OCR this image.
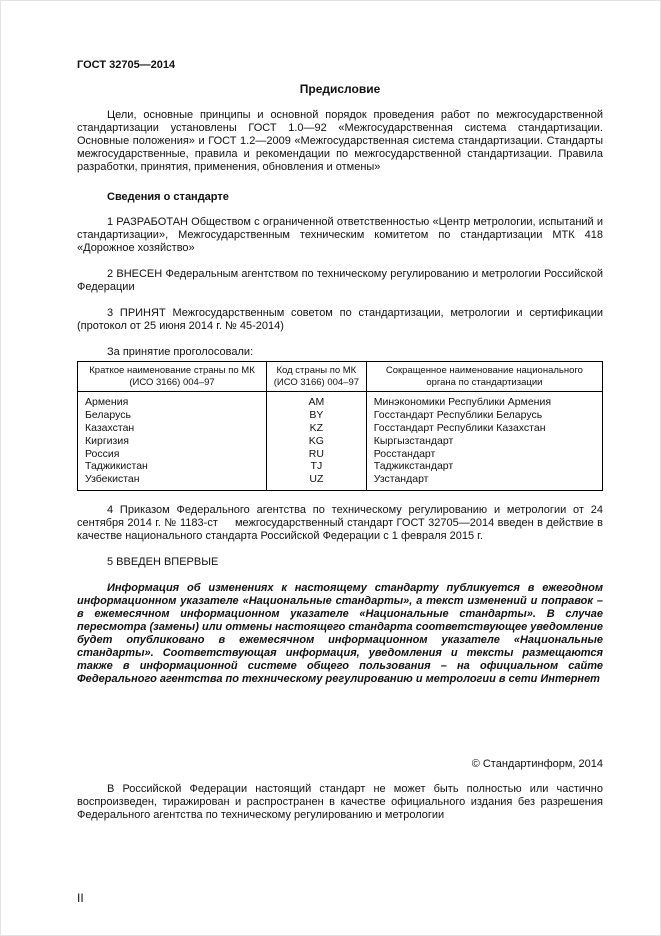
ГОСТ 32705—2014
Предисловие

Цели, основные принципы и основной порядок проведения работ по межгосударственной стандартизации установлены ГОСТ 1.0—92 «Межгосударственная система стандартизации. Основные положения» и ГОСТ 1.2—2009 «Межгосударственная система стандартизации. Стандарты межгосударственные, правила и рекомендации по межгосударственной стандартизации. Правила разработки, принятия, применения, обновления и отмены»

Сведения о стандарте

1 РАЗРАБОТАН Обществом с ограниченной ответственностью «Центр метрологии, испытаний и стандартизации», Межгосударственным техническим комитетом по стандартизации МТК 418 «Дорожное хозяйство»

2 ВНЕСЕН Федеральным агентством по техническому регулированию и метрологии Российской Федерации

3 ПРИНЯТ Межгосударственным советом по стандартизации, метрологии и сертификации (протокол от 25 июня 2014 г. № 45-2014)

За принятие проголосовали:
Краткое наименование страны по МК (ИСО 3166) 004–97	Код страны по МК (ИСО 3166) 004–97	Сокращенное наименование национального органа по стандартизации
Армения	AM	Минэкономики Республики Армения
Беларусь	BY	Госстандарт Республики Беларусь
Казахстан	KZ	Госстандарт Республики Казахстан
Киргизия	KG	Кыргызстандарт
Россия	RU	Росстандарт
Таджикистан	TJ	Таджикстандарт
Узбекистан	UZ	Узстандарт

4 Приказом Федерального агентства по техническому регулированию и метрологии от 24 сентября 2014 г. № 1183-ст     межгосударственный стандарт ГОСТ 32705—2014 введен в действие в качестве национального стандарта Российской Федерации с 1 февраля 2015 г.

5 ВВЕДЕН ВПЕРВЫЕ

Информация об изменениях к настоящему стандарту публикуется в ежегодном информационном указателе «Национальные стандарты», а текст изменений и поправок – в ежемесячном информационном указателе «Национальные стандарты». В случае пересмотра (замены) или отмены настоящего стандарта соответствующее уведомление будет опубликовано в ежемесячном информационном указателе «Национальные стандарты». Соответствующая информация, уведомления и тексты размещаются также в информационной системе общего пользования – на официальном сайте Федерального агентства по техническому регулированию и метрологии в сети Интернет

© Стандартинформ, 2014

В Российской Федерации настоящий стандарт не может быть полностью или частично воспроизведен, тиражирован и распространен в качестве официального издания без разрешения Федерального агентства по техническому регулированию и метрологии

II
